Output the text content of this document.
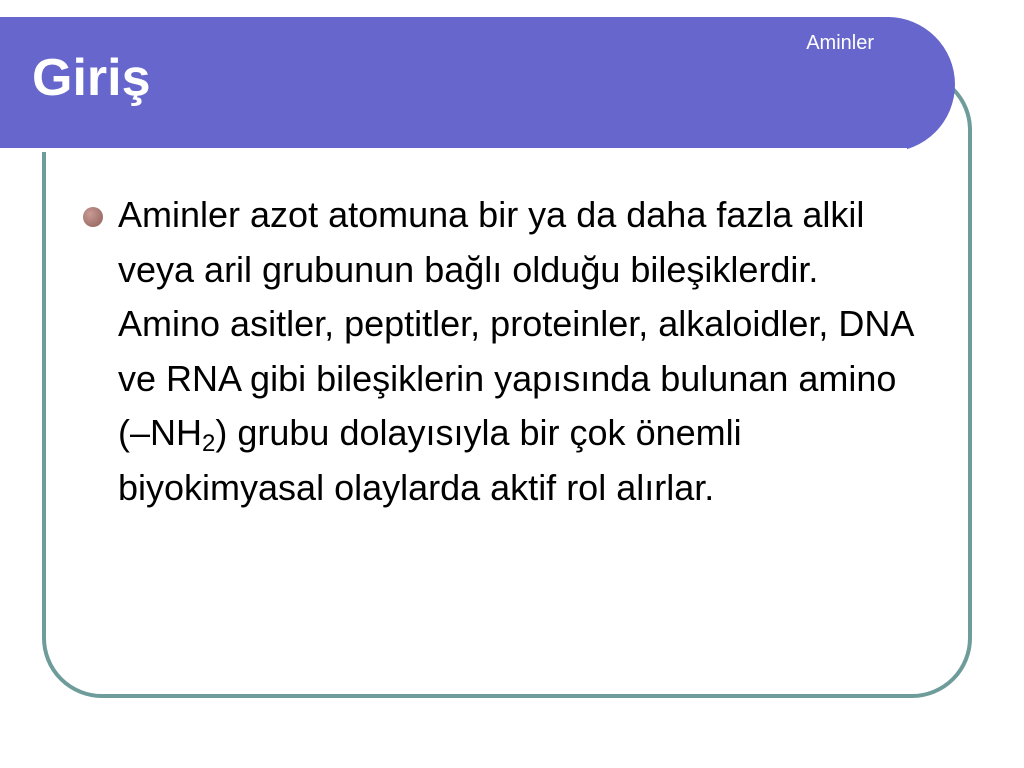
Giriş
Aminler
Aminler azot atomuna bir ya da daha fazla alkil veya aril grubunun bağlı olduğu bileşiklerdir. Amino asitler, peptitler, proteinler, alkaloidler, DNA ve RNA gibi bileşiklerin yapısında bulunan amino $(-NH_2)$ grubu dolayısıyla bir çok önemli biyokimyasal olaylarda aktif rol alırlar.
